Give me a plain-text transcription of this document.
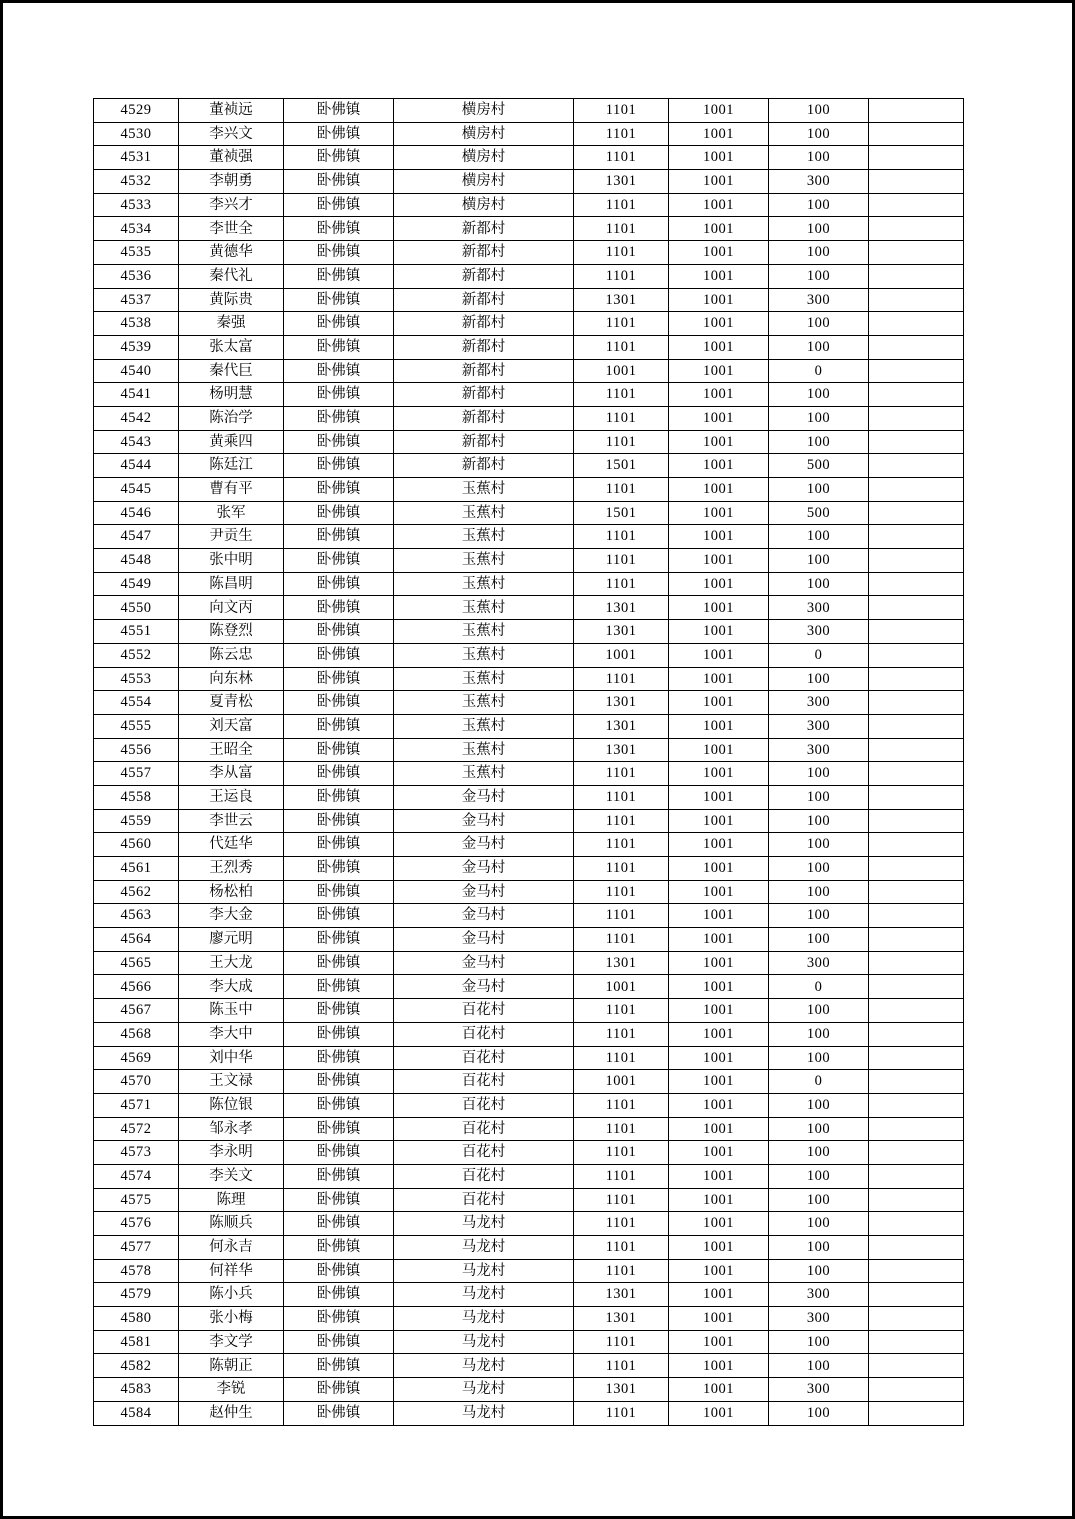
4529	董祯远	卧佛镇	横房村	1101	1001	100	
4530	李兴文	卧佛镇	横房村	1101	1001	100	
4531	董祯强	卧佛镇	横房村	1101	1001	100	
4532	李朝勇	卧佛镇	横房村	1301	1001	300	
4533	李兴才	卧佛镇	横房村	1101	1001	100	
4534	李世全	卧佛镇	新都村	1101	1001	100	
4535	黄德华	卧佛镇	新都村	1101	1001	100	
4536	秦代礼	卧佛镇	新都村	1101	1001	100	
4537	黄际贵	卧佛镇	新都村	1301	1001	300	
4538	秦强	卧佛镇	新都村	1101	1001	100	
4539	张太富	卧佛镇	新都村	1101	1001	100	
4540	秦代巨	卧佛镇	新都村	1001	1001	0	
4541	杨明慧	卧佛镇	新都村	1101	1001	100	
4542	陈治学	卧佛镇	新都村	1101	1001	100	
4543	黄乘四	卧佛镇	新都村	1101	1001	100	
4544	陈廷江	卧佛镇	新都村	1501	1001	500	
4545	曹有平	卧佛镇	玉蕉村	1101	1001	100	
4546	张军	卧佛镇	玉蕉村	1501	1001	500	
4547	尹贡生	卧佛镇	玉蕉村	1101	1001	100	
4548	张中明	卧佛镇	玉蕉村	1101	1001	100	
4549	陈昌明	卧佛镇	玉蕉村	1101	1001	100	
4550	向文丙	卧佛镇	玉蕉村	1301	1001	300	
4551	陈登烈	卧佛镇	玉蕉村	1301	1001	300	
4552	陈云忠	卧佛镇	玉蕉村	1001	1001	0	
4553	向东林	卧佛镇	玉蕉村	1101	1001	100	
4554	夏青松	卧佛镇	玉蕉村	1301	1001	300	
4555	刘天富	卧佛镇	玉蕉村	1301	1001	300	
4556	王昭全	卧佛镇	玉蕉村	1301	1001	300	
4557	李从富	卧佛镇	玉蕉村	1101	1001	100	
4558	王运良	卧佛镇	金马村	1101	1001	100	
4559	李世云	卧佛镇	金马村	1101	1001	100	
4560	代廷华	卧佛镇	金马村	1101	1001	100	
4561	王烈秀	卧佛镇	金马村	1101	1001	100	
4562	杨松柏	卧佛镇	金马村	1101	1001	100	
4563	李大金	卧佛镇	金马村	1101	1001	100	
4564	廖元明	卧佛镇	金马村	1101	1001	100	
4565	王大龙	卧佛镇	金马村	1301	1001	300	
4566	李大成	卧佛镇	金马村	1001	1001	0	
4567	陈玉中	卧佛镇	百花村	1101	1001	100	
4568	李大中	卧佛镇	百花村	1101	1001	100	
4569	刘中华	卧佛镇	百花村	1101	1001	100	
4570	王文禄	卧佛镇	百花村	1001	1001	0	
4571	陈位银	卧佛镇	百花村	1101	1001	100	
4572	邹永孝	卧佛镇	百花村	1101	1001	100	
4573	李永明	卧佛镇	百花村	1101	1001	100	
4574	李关文	卧佛镇	百花村	1101	1001	100	
4575	陈理	卧佛镇	百花村	1101	1001	100	
4576	陈顺兵	卧佛镇	马龙村	1101	1001	100	
4577	何永吉	卧佛镇	马龙村	1101	1001	100	
4578	何祥华	卧佛镇	马龙村	1101	1001	100	
4579	陈小兵	卧佛镇	马龙村	1301	1001	300	
4580	张小梅	卧佛镇	马龙村	1301	1001	300	
4581	李文学	卧佛镇	马龙村	1101	1001	100	
4582	陈朝正	卧佛镇	马龙村	1101	1001	100	
4583	李锐	卧佛镇	马龙村	1301	1001	300	
4584	赵仲生	卧佛镇	马龙村	1101	1001	100	
